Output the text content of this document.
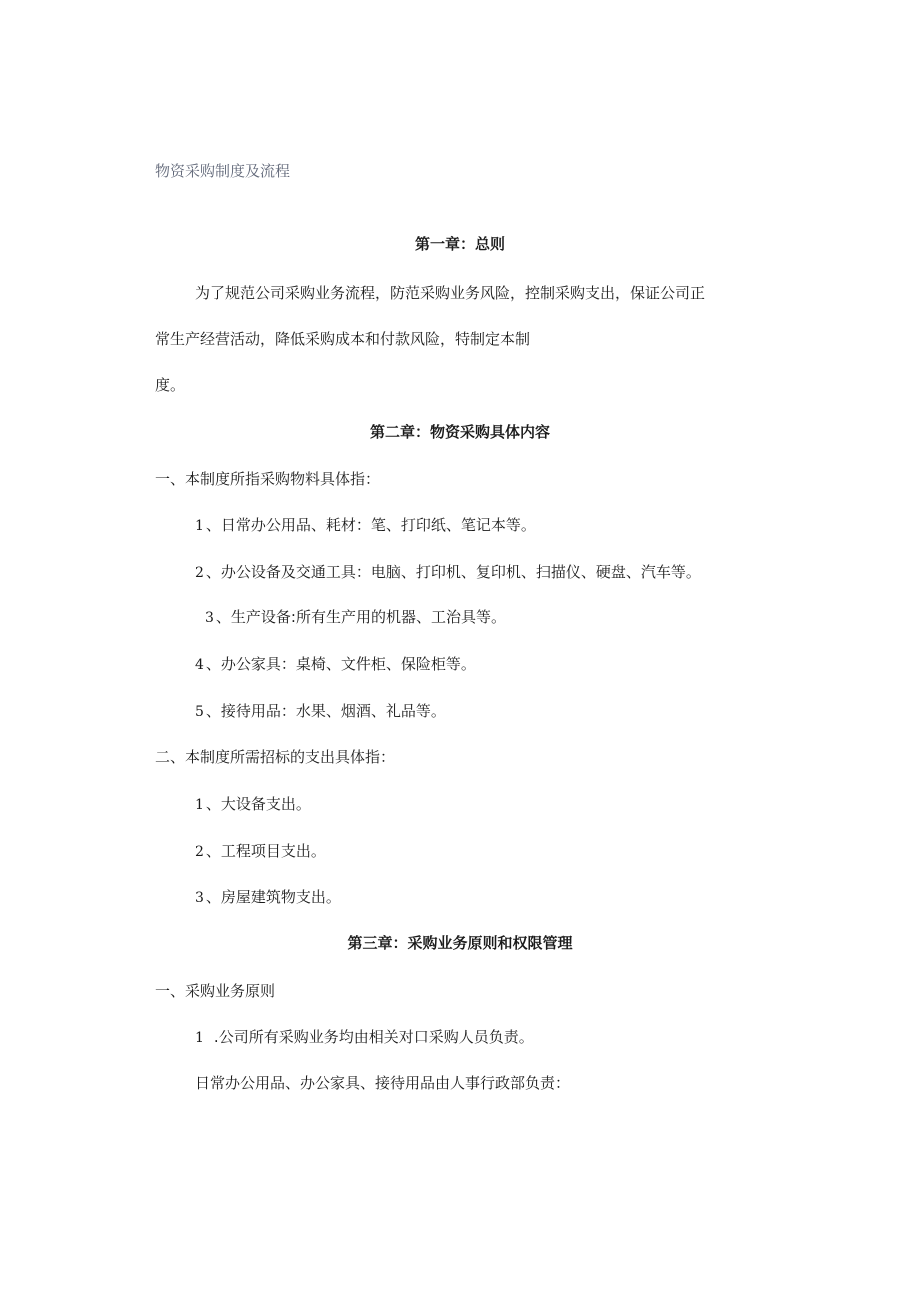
物资采购制度及流程
第一章：总则
为了规范公司采购业务流程，防范采购业务风险，控制采购支出，保证公司正
常生产经营活动，降低采购成本和付款风险，特制定本制
度。
第二章：物资采购具体内容
一、本制度所指采购物料具体指：
1 、日常办公用品、耗材：笔、打印纸、笔记本等。
2 、办公设备及交通工具：电脑、打印机、复印机、扫描仪、硬盘、汽车等。
3 、生产设备:所有生产用的机器、工治具等。
4 、办公家具：桌椅、文件柜、保险柜等。
5 、接待用品：水果、烟酒、礼品等。
二、本制度所需招标的支出具体指：
1 、大设备支出。
2 、工程项目支出。
3 、房屋建筑物支出。
第三章：采购业务原则和权限管理
一、采购业务原则
1 .公司所有采购业务均由相关对口采购人员负责。
日常办公用品、办公家具、接待用品由人事行政部负责：
